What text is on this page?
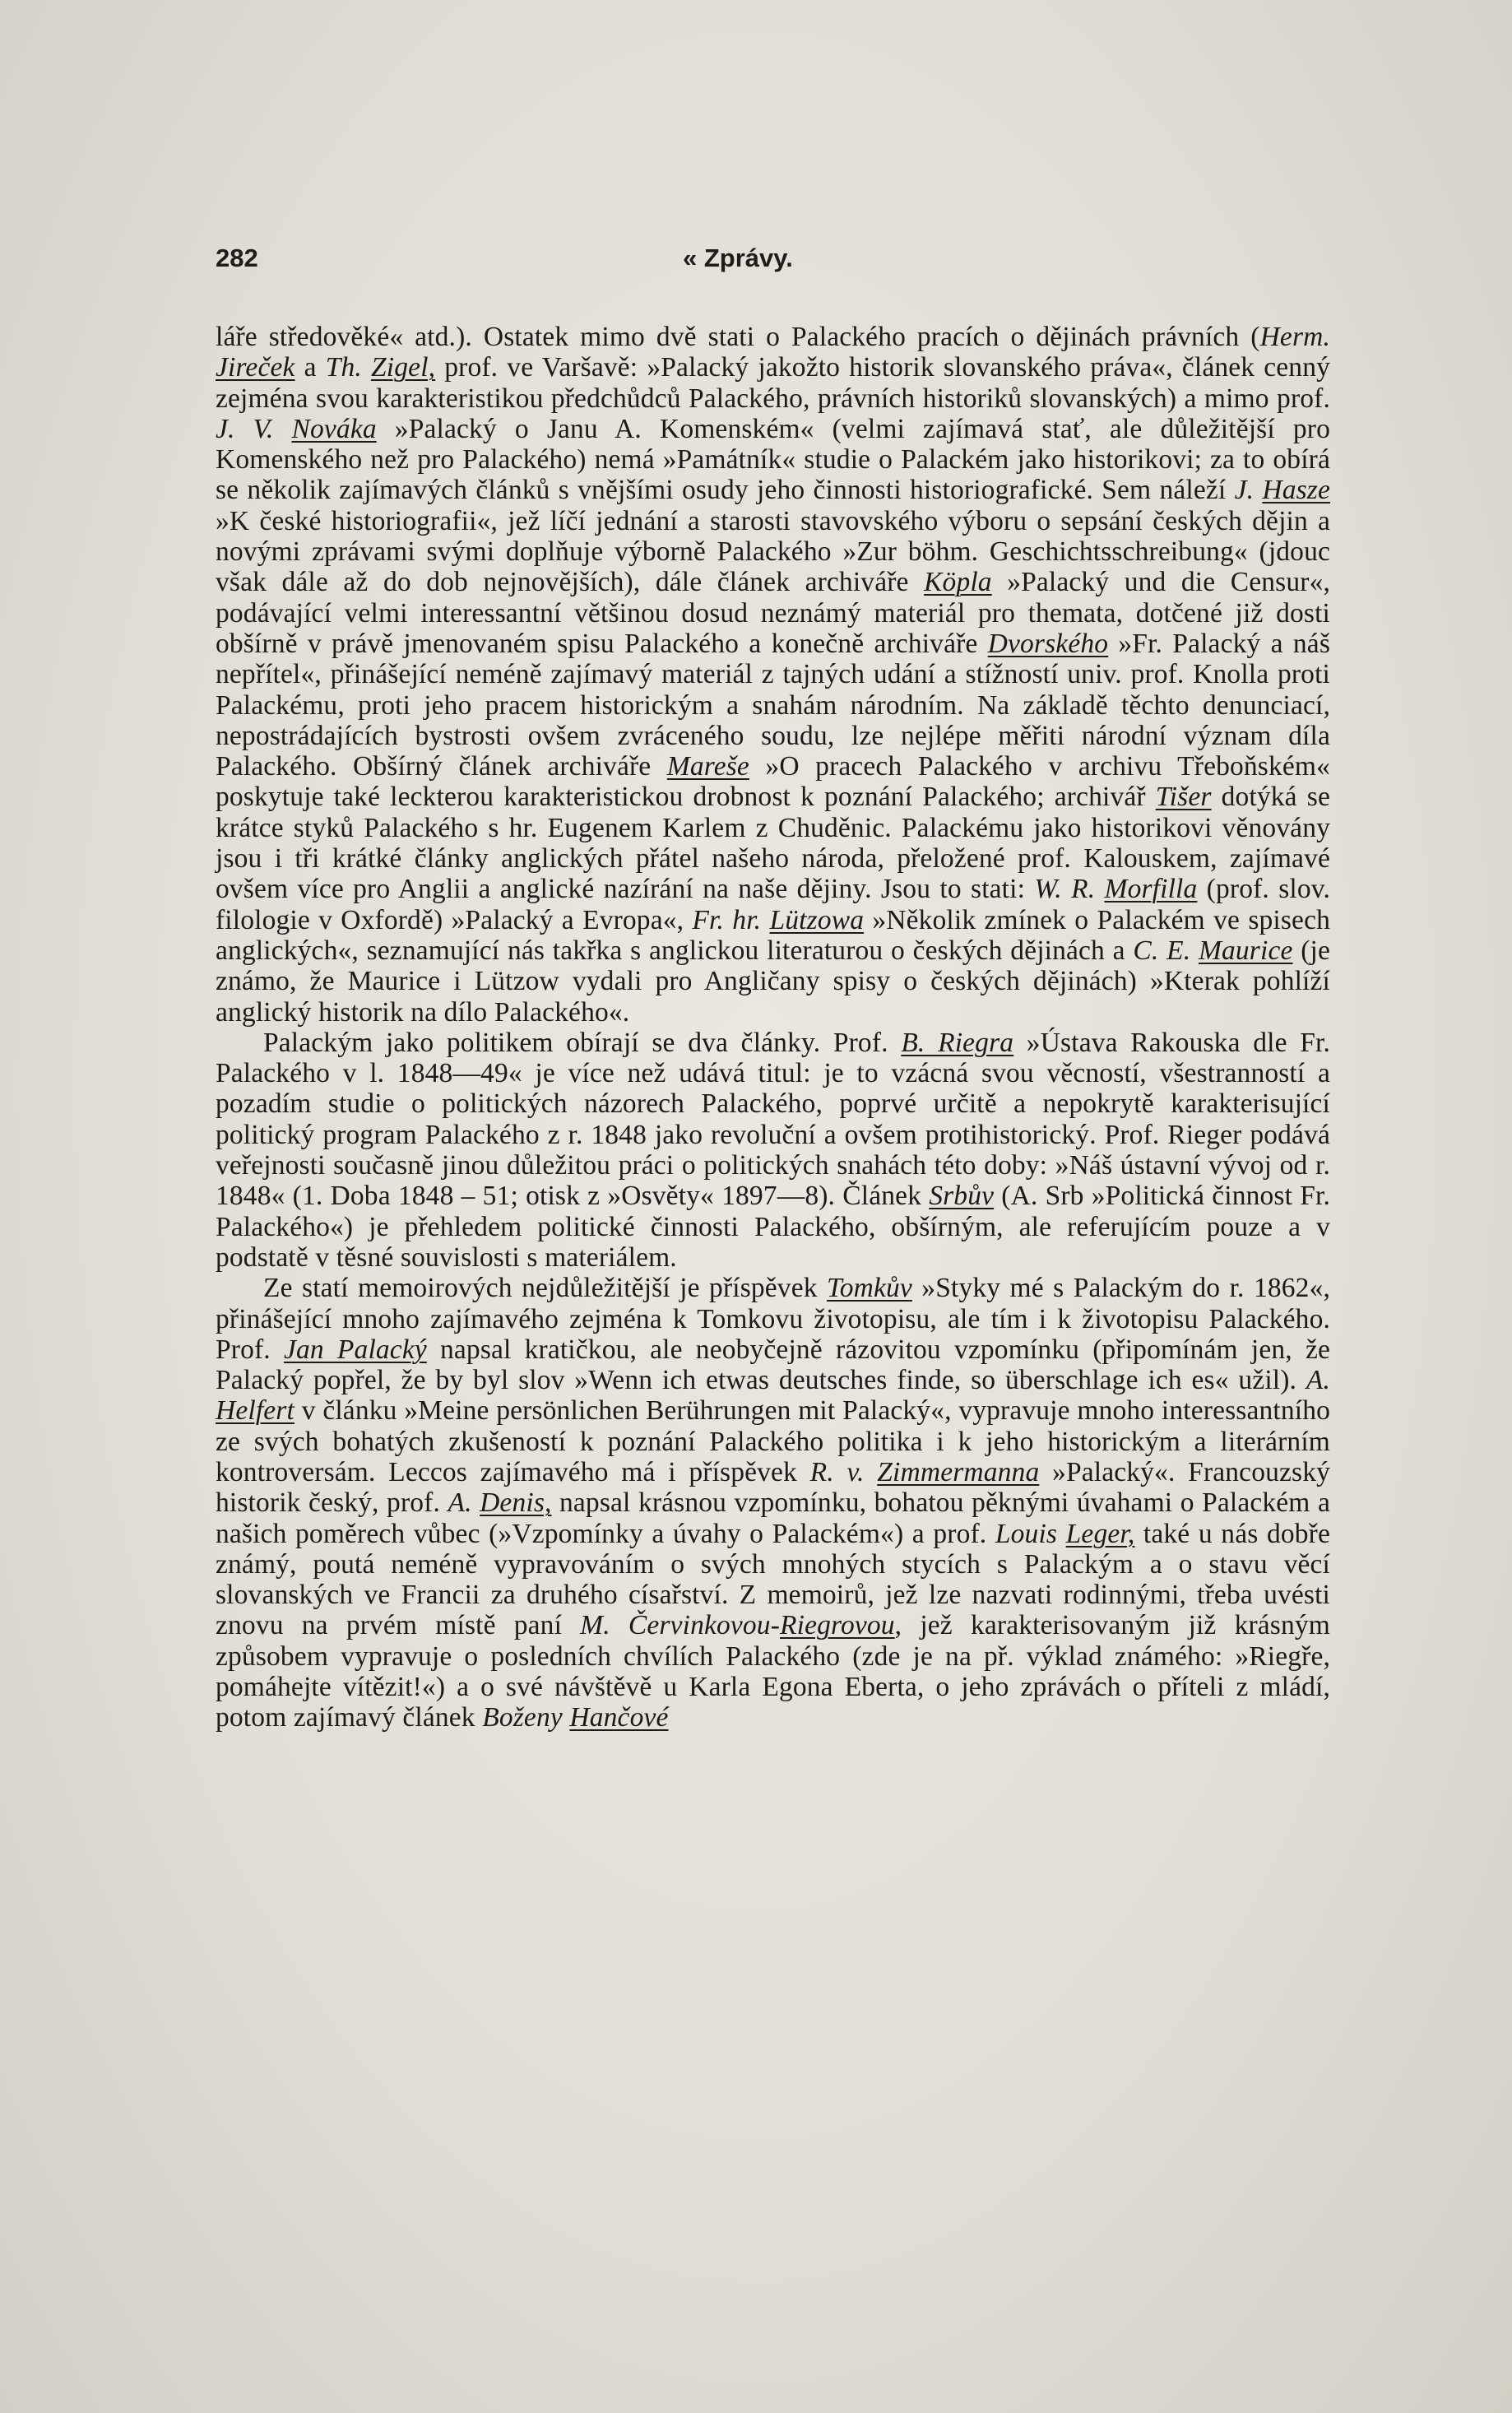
282	« Zprávy.

láře středověké« atd.). Ostatek mimo dvě stati o Palackého pracích o dějinách právních (Herm. Jireček a Th. Zigel, prof. ve Varšavě: »Palacký jakožto historik slovanského práva«, článek cenný zejména svou karakteristikou předchůdců Palackého, právních historiků slovanských) a mimo prof. J. V. Nováka »Palacký o Janu A. Komenském« (velmi zajímavá stať, ale důležitější pro Komenského než pro Palackého) nemá »Památník« studie o Palackém jako historikovi; za to obírá se několik zajímavých článků s vnějšími osudy jeho činnosti historiografické. Sem náleží J. Hasze »K české historiografii«, jež líčí jednání a starosti stavovského výboru o sepsání českých dějin a novými zprávami svými doplňuje výborně Palackého »Zur böhm. Geschichtsschreibung« (jdouc však dále až do dob nejnovějších), dále článek archiváře Köpla »Palacký und die Censur«, podávající velmi interessantní většinou dosud neznámý materiál pro themata, dotčené již dosti obšírně v právě jmenovaném spisu Palackého a konečně archiváře Dvorského »Fr. Palacký a náš nepřítel«, přinášející neméně zajímavý materiál z tajných udání a stížností univ. prof. Knolla proti Palackému, proti jeho pracem historickým a snahám národním. Na základě těchto denunciací, nepostrádajících bystrosti ovšem zvráceného soudu, lze nejlépe měřiti národní význam díla Palackého. Obšírný článek archiváře Mareše »O pracech Palackého v archivu Třeboňském« poskytuje také leckterou karakteristickou drobnost k poznání Palackého; archivář Tišer dotýká se krátce styků Palackého s hr. Eugenem Karlem z Chuděnic. Palackému jako historikovi věnovány jsou i tři krátké články anglických přátel našeho národa, přeložené prof. Kalouskem, zajímavé ovšem více pro Anglii a anglické nazírání na naše dějiny. Jsou to stati: W. R. Morfilla (prof. slov. filologie v Oxfordě) »Palacký a Evropa«, Fr. hr. Lützowa »Několik zmínek o Palackém ve spisech anglických«, seznamující nás takřka s anglickou literaturou o českých dějinách a C. E. Maurice (je známo, že Maurice i Lützow vydali pro Angličany spisy o českých dějinách) »Kterak pohlíží anglický historik na dílo Palackého«.

Palackým jako politikem obírají se dva články. Prof. B. Riegra »Ústava Rakouska dle Fr. Palackého v l. 1848—49« je více než udává titul: je to vzácná svou věcností, všestranností a pozadím studie o politických názorech Palackého, poprvé určitě a nepokrytě karakterisující politický program Palackého z r. 1848 jako revoluční a ovšem protihistorický. Prof. Rieger podává veřejnosti současně jinou důležitou práci o politických snahách této doby: »Náš ústavní vývoj od r. 1848« (1. Doba 1848 – 51; otisk z »Osvěty« 1897—8). Článek Srbův (A. Srb »Politická činnost Fr. Palackého«) je přehledem politické činnosti Palackého, obšírným, ale referujícím pouze a v podstatě v těsné souvislosti s materiálem.

Ze statí memoirových nejdůležitější je příspěvek Tomkův »Styky mé s Palackým do r. 1862«, přinášející mnoho zajímavého zejména k Tomkovu životopisu, ale tím i k životopisu Palackého. Prof. Jan Palacký napsal kratičkou, ale neobyčejně rázovitou vzpomínku (připomínám jen, že Palacký popřel, že by byl slov »Wenn ich etwas deutsches finde, so überschlage ich es« užil). A. Helfert v článku »Meine persönlichen Berührungen mit Palacký«, vypravuje mnoho interessantního ze svých bohatých zkušeností k poznání Palackého politika i k jeho historickým a literárním kontroversám. Leccos zajímavého má i příspěvek R. v. Zimmermanna »Palacký«. Francouzský historik český, prof. A. Denis, napsal krásnou vzpomínku, bohatou pěknými úvahami o Palackém a našich poměrech vůbec (»Vzpomínky a úvahy o Palackém«) a prof. Louis Leger, také u nás dobře známý, poutá neméně vypravováním o svých mnohých stycích s Palackým a o stavu věcí slovanských ve Francii za druhého císařství. Z memoirů, jež lze nazvati rodinnými, třeba uvésti znovu na prvém místě paní M. Červinkovou-Riegrovou, jež karakterisovaným již krásným způsobem vypravuje o posledních chvílích Palackého (zde je na př. výklad známého: »Riegře, pomáhejte vítězit!«) a o své návštěvě u Karla Egona Eberta, o jeho zprávách o příteli z mládí, potom zajímavý článek Boženy Hančové
